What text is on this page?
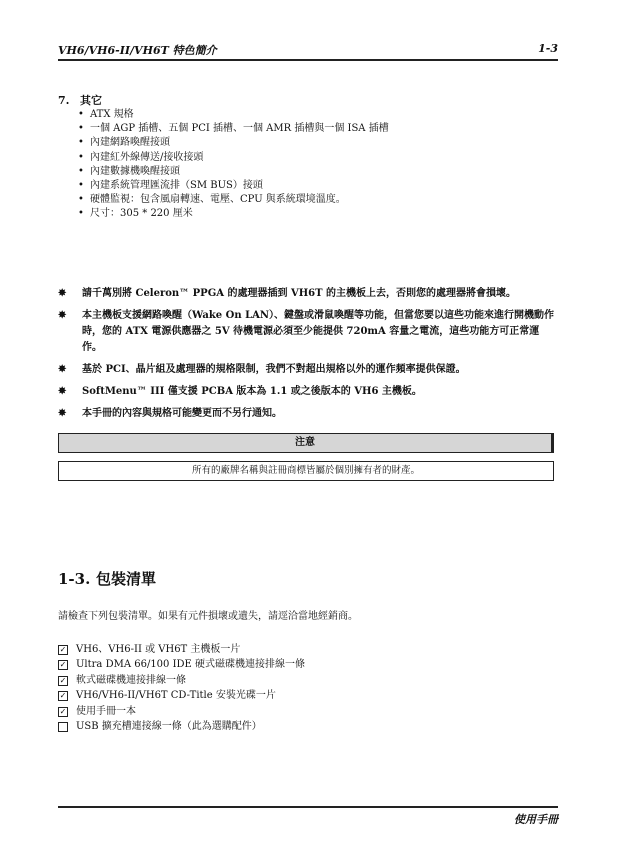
VH6/VH6-II/VH6T 特色簡介	1-3
7. 其它
• ATX 規格
• 一個 AGP 插槽、五個 PCI 插槽、一個 AMR 插槽與一個 ISA 插槽
• 內建網路喚醒接頭
• 內建紅外線傳送/接收接頭
• 內建數據機喚醒接頭
• 內建系統管理匯流排（SM BUS）接頭
• 硬體監視：包含風扇轉速、電壓、CPU 與系統環境溫度。
• 尺寸：305 * 220 厘米
✸ 請千萬別將 Celeron™ PPGA 的處理器插到 VH6T 的主機板上去，否則您的處理器將會損壞。
✸ 本主機板支援網路喚醒（Wake On LAN）、鍵盤或滑鼠喚醒等功能，但當您要以這些功能來進行開機動作時，您的 ATX 電源供應器之 5V 待機電源必須至少能提供 720mA 容量之電流，這些功能方可正常運作。
✸ 基於 PCI、晶片組及處理器的規格限制，我們不對超出規格以外的運作頻率提供保證。
✸ SoftMenu™ III 僅支援 PCBA 版本為 1.1 或之後版本的 VH6 主機板。
✸ 本手冊的內容與規格可能變更而不另行通知。
注意
所有的廠牌名稱與註冊商標皆屬於個別擁有者的財產。
1-3. 包裝清單
請檢查下列包裝清單。如果有元件損壞或遺失，請逕洽當地經銷商。
✓ VH6、VH6-II 或 VH6T 主機板一片
✓ Ultra DMA 66/100 IDE 硬式磁碟機連接排線一條
✓ 軟式磁碟機連接排線一條
✓ VH6/VH6-II/VH6T CD-Title 安裝光碟一片
✓ 使用手冊一本
USB 擴充槽連接線一條（此為選購配件）
使用手冊
